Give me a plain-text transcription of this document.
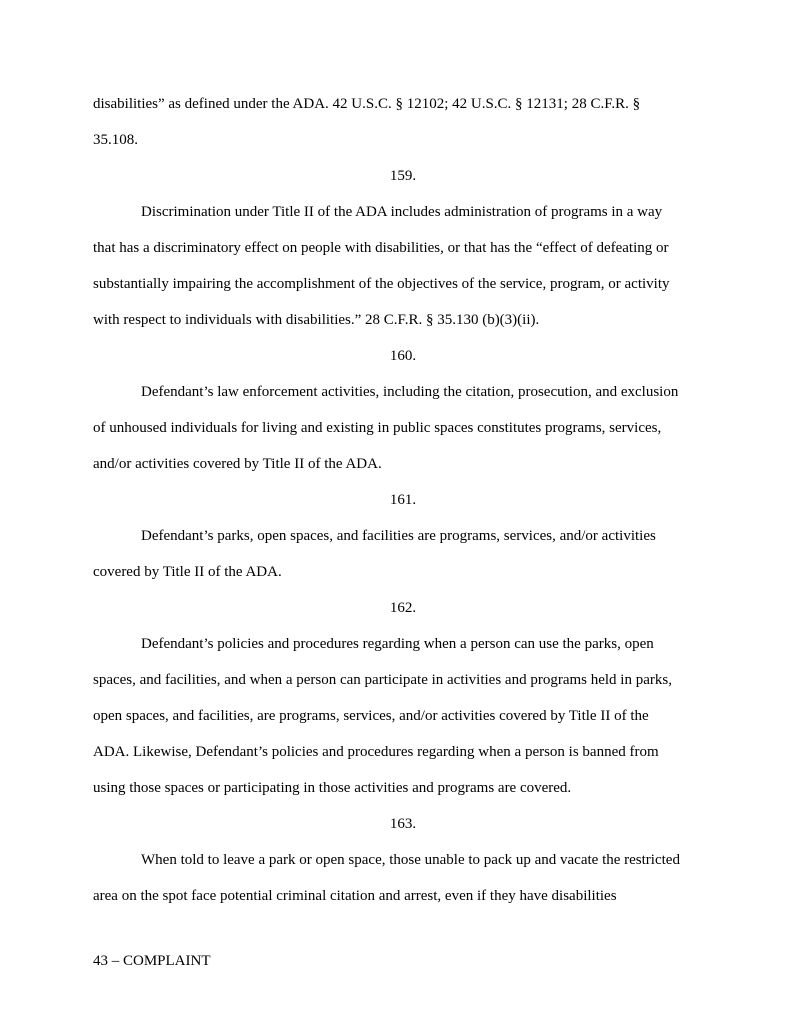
disabilities” as defined under the ADA. 42 U.S.C. § 12102; 42 U.S.C. § 12131; 28 C.F.R. §
35.108.
159.
Discrimination under Title II of the ADA includes administration of programs in a way
that has a discriminatory effect on people with disabilities, or that has the “effect of defeating or
substantially impairing the accomplishment of the objectives of the service, program, or activity
with respect to individuals with disabilities.” 28 C.F.R. § 35.130 (b)(3)(ii).
160.
Defendant’s law enforcement activities, including the citation, prosecution, and exclusion
of unhoused individuals for living and existing in public spaces constitutes programs, services,
and/or activities covered by Title II of the ADA.
161.
Defendant’s parks, open spaces, and facilities are programs, services, and/or activities
covered by Title II of the ADA.
162.
Defendant’s policies and procedures regarding when a person can use the parks, open
spaces, and facilities, and when a person can participate in activities and programs held in parks,
open spaces, and facilities, are programs, services, and/or activities covered by Title II of the
ADA. Likewise, Defendant’s policies and procedures regarding when a person is banned from
using those spaces or participating in those activities and programs are covered.
163.
When told to leave a park or open space, those unable to pack up and vacate the restricted
area on the spot face potential criminal citation and arrest, even if they have disabilities
43 – COMPLAINT
